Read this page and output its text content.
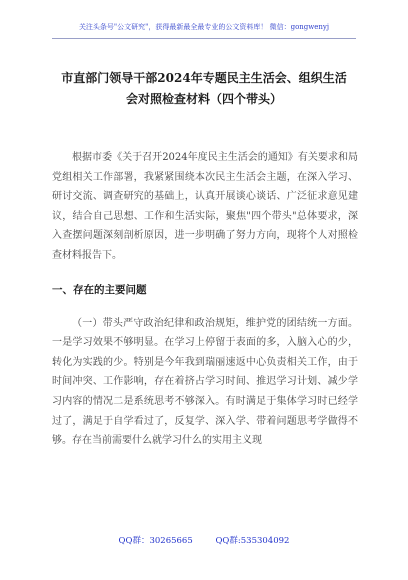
关注头条号"公文研究"，获得最新最全最专业的公文资料库！ 微信：gongwenyj
市直部门领导干部2024年专题民主生活会、组织生活会对照检查材料（四个带头）

根据市委《关于召开2024年度民主生活会的通知》有关要求和局党组相关工作部署，我紧紧围绕本次民主生活会主题，在深入学习、研讨交流、调查研究的基础上，认真开展谈心谈话、广泛征求意见建议，结合自己思想、工作和生活实际，聚焦"四个带头"总体要求，深入查摆问题深刻剖析原因，进一步明确了努力方向，现将个人对照检查材料报告下。

一、存在的主要问题

（一）带头严守政治纪律和政治规矩，维护党的团结统一方面。一是学习效果不够明显。在学习上停留于表面的多，入脑入心的少，转化为实践的少。特别是今年我到瑞丽速返中心负责相关工作，由于时间冲突、工作影响，存在着挤占学习时间、推迟学习计划、减少学习内容的情况二是系统思考不够深入。有时满足于集体学习时已经学过了，满足于自学看过了，反复学、深入学、带着问题思考学做得不够。存在当前需要什么就学习什么的实用主义现

QQ群：30265665	QQ群:535304092
